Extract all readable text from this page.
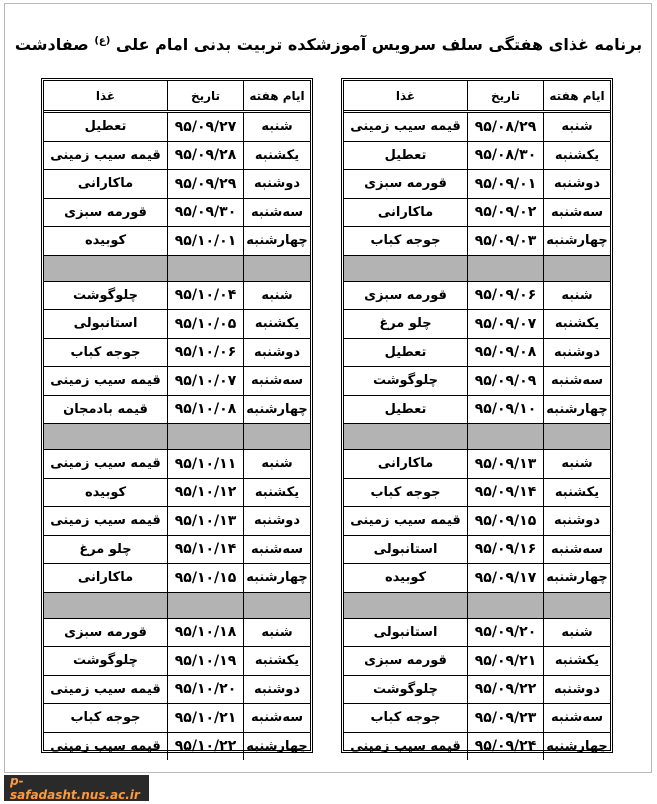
برنامه غذای هفتگی سلف سرویس آموزشکده تربیت بدنی امام علی $^{(ع)}$ صفادشت
ایام هفته
تاریخ
غذا
شنبه
۹۵/۰۸/۲۹
قیمه سیب زمینی
یکشنبه
۹۵/۰۸/۳۰
تعطیل
دوشنبه
۹۵/۰۹/۰۱
قورمه سبزی
سه‌شنبه
۹۵/۰۹/۰۲
ماکارانی
چهارشنبه
۹۵/۰۹/۰۳
جوجه کباب
شنبه
۹۵/۰۹/۰۶
قورمه سبزی
یکشنبه
۹۵/۰۹/۰۷
چلو مرغ
دوشنبه
۹۵/۰۹/۰۸
تعطیل
سه‌شنبه
۹۵/۰۹/۰۹
چلوگوشت
چهارشنبه
۹۵/۰۹/۱۰
تعطیل
شنبه
۹۵/۰۹/۱۳
ماکارانی
یکشنبه
۹۵/۰۹/۱۴
جوجه کباب
دوشنبه
۹۵/۰۹/۱۵
قیمه سیب زمینی
سه‌شنبه
۹۵/۰۹/۱۶
استانبولی
چهارشنبه
۹۵/۰۹/۱۷
کوبیده
شنبه
۹۵/۰۹/۲۰
استانبولی
یکشنبه
۹۵/۰۹/۲۱
قورمه سبزی
دوشنبه
۹۵/۰۹/۲۲
چلوگوشت
سه‌شنبه
۹۵/۰۹/۲۳
جوجه کباب
چهارشنبه
۹۵/۰۹/۲۴
قیمه سیب زمینی
ایام هفته
تاریخ
غذا
شنبه
۹۵/۰۹/۲۷
تعطیل
یکشنبه
۹۵/۰۹/۲۸
قیمه سیب زمینی
دوشنبه
۹۵/۰۹/۲۹
ماکارانی
سه‌شنبه
۹۵/۰۹/۳۰
قورمه سبزی
چهارشنبه
۹۵/۱۰/۰۱
کوبیده
شنبه
۹۵/۱۰/۰۴
چلوگوشت
یکشنبه
۹۵/۱۰/۰۵
استانبولی
دوشنبه
۹۵/۱۰/۰۶
جوجه کباب
سه‌شنبه
۹۵/۱۰/۰۷
قیمه سیب زمینی
چهارشنبه
۹۵/۱۰/۰۸
قیمه بادمجان
شنبه
۹۵/۱۰/۱۱
قیمه سیب زمینی
یکشنبه
۹۵/۱۰/۱۲
کوبیده
دوشنبه
۹۵/۱۰/۱۳
قیمه سیب زمینی
سه‌شنبه
۹۵/۱۰/۱۴
چلو مرغ
چهارشنبه
۹۵/۱۰/۱۵
ماکارانی
شنبه
۹۵/۱۰/۱۸
قورمه سبزی
یکشنبه
۹۵/۱۰/۱۹
چلوگوشت
دوشنبه
۹۵/۱۰/۲۰
قیمه سیب زمینی
سه‌شنبه
۹۵/۱۰/۲۱
جوجه کباب
چهارشنبه
۹۵/۱۰/۲۲
قیمه سیب زمینی
p-safadasht.nus.ac.ir
